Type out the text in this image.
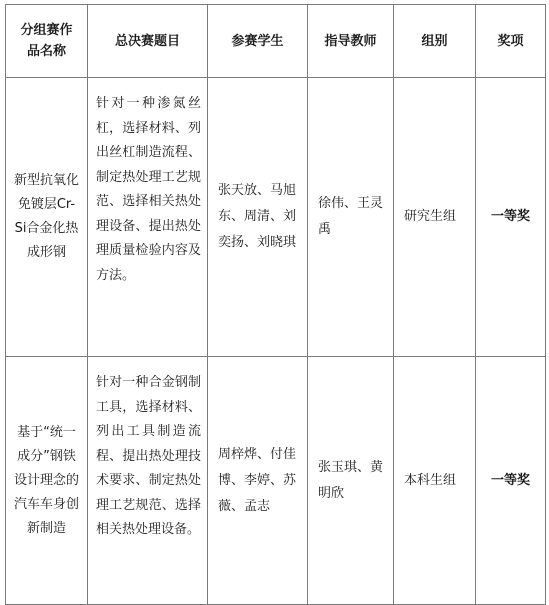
分组赛作品名称	总决赛题目	参赛学生	指导教师	组别	奖项
新型抗氧化免镀层Cr-Si合金化热成形钢	针对一种渗氮丝杠，选择材料、列出丝杠制造流程、制定热处理工艺规范、选择相关热处理设备、提出热处理质量检验内容及方法。	张天放、马旭东、周清、刘奕扬、刘晓琪	徐伟、王灵禹	研究生组	一等奖
基于“统一成分”钢铁设计理念的汽车车身创新制造	针对一种合金钢制工具，选择材料、列出工具制造流程、提出热处理技术要求、制定热处理工艺规范、选择相关热处理设备。	周梓烨、付佳博、李婷、苏薇、孟志	张玉琪、黄明欣	本科生组	一等奖
